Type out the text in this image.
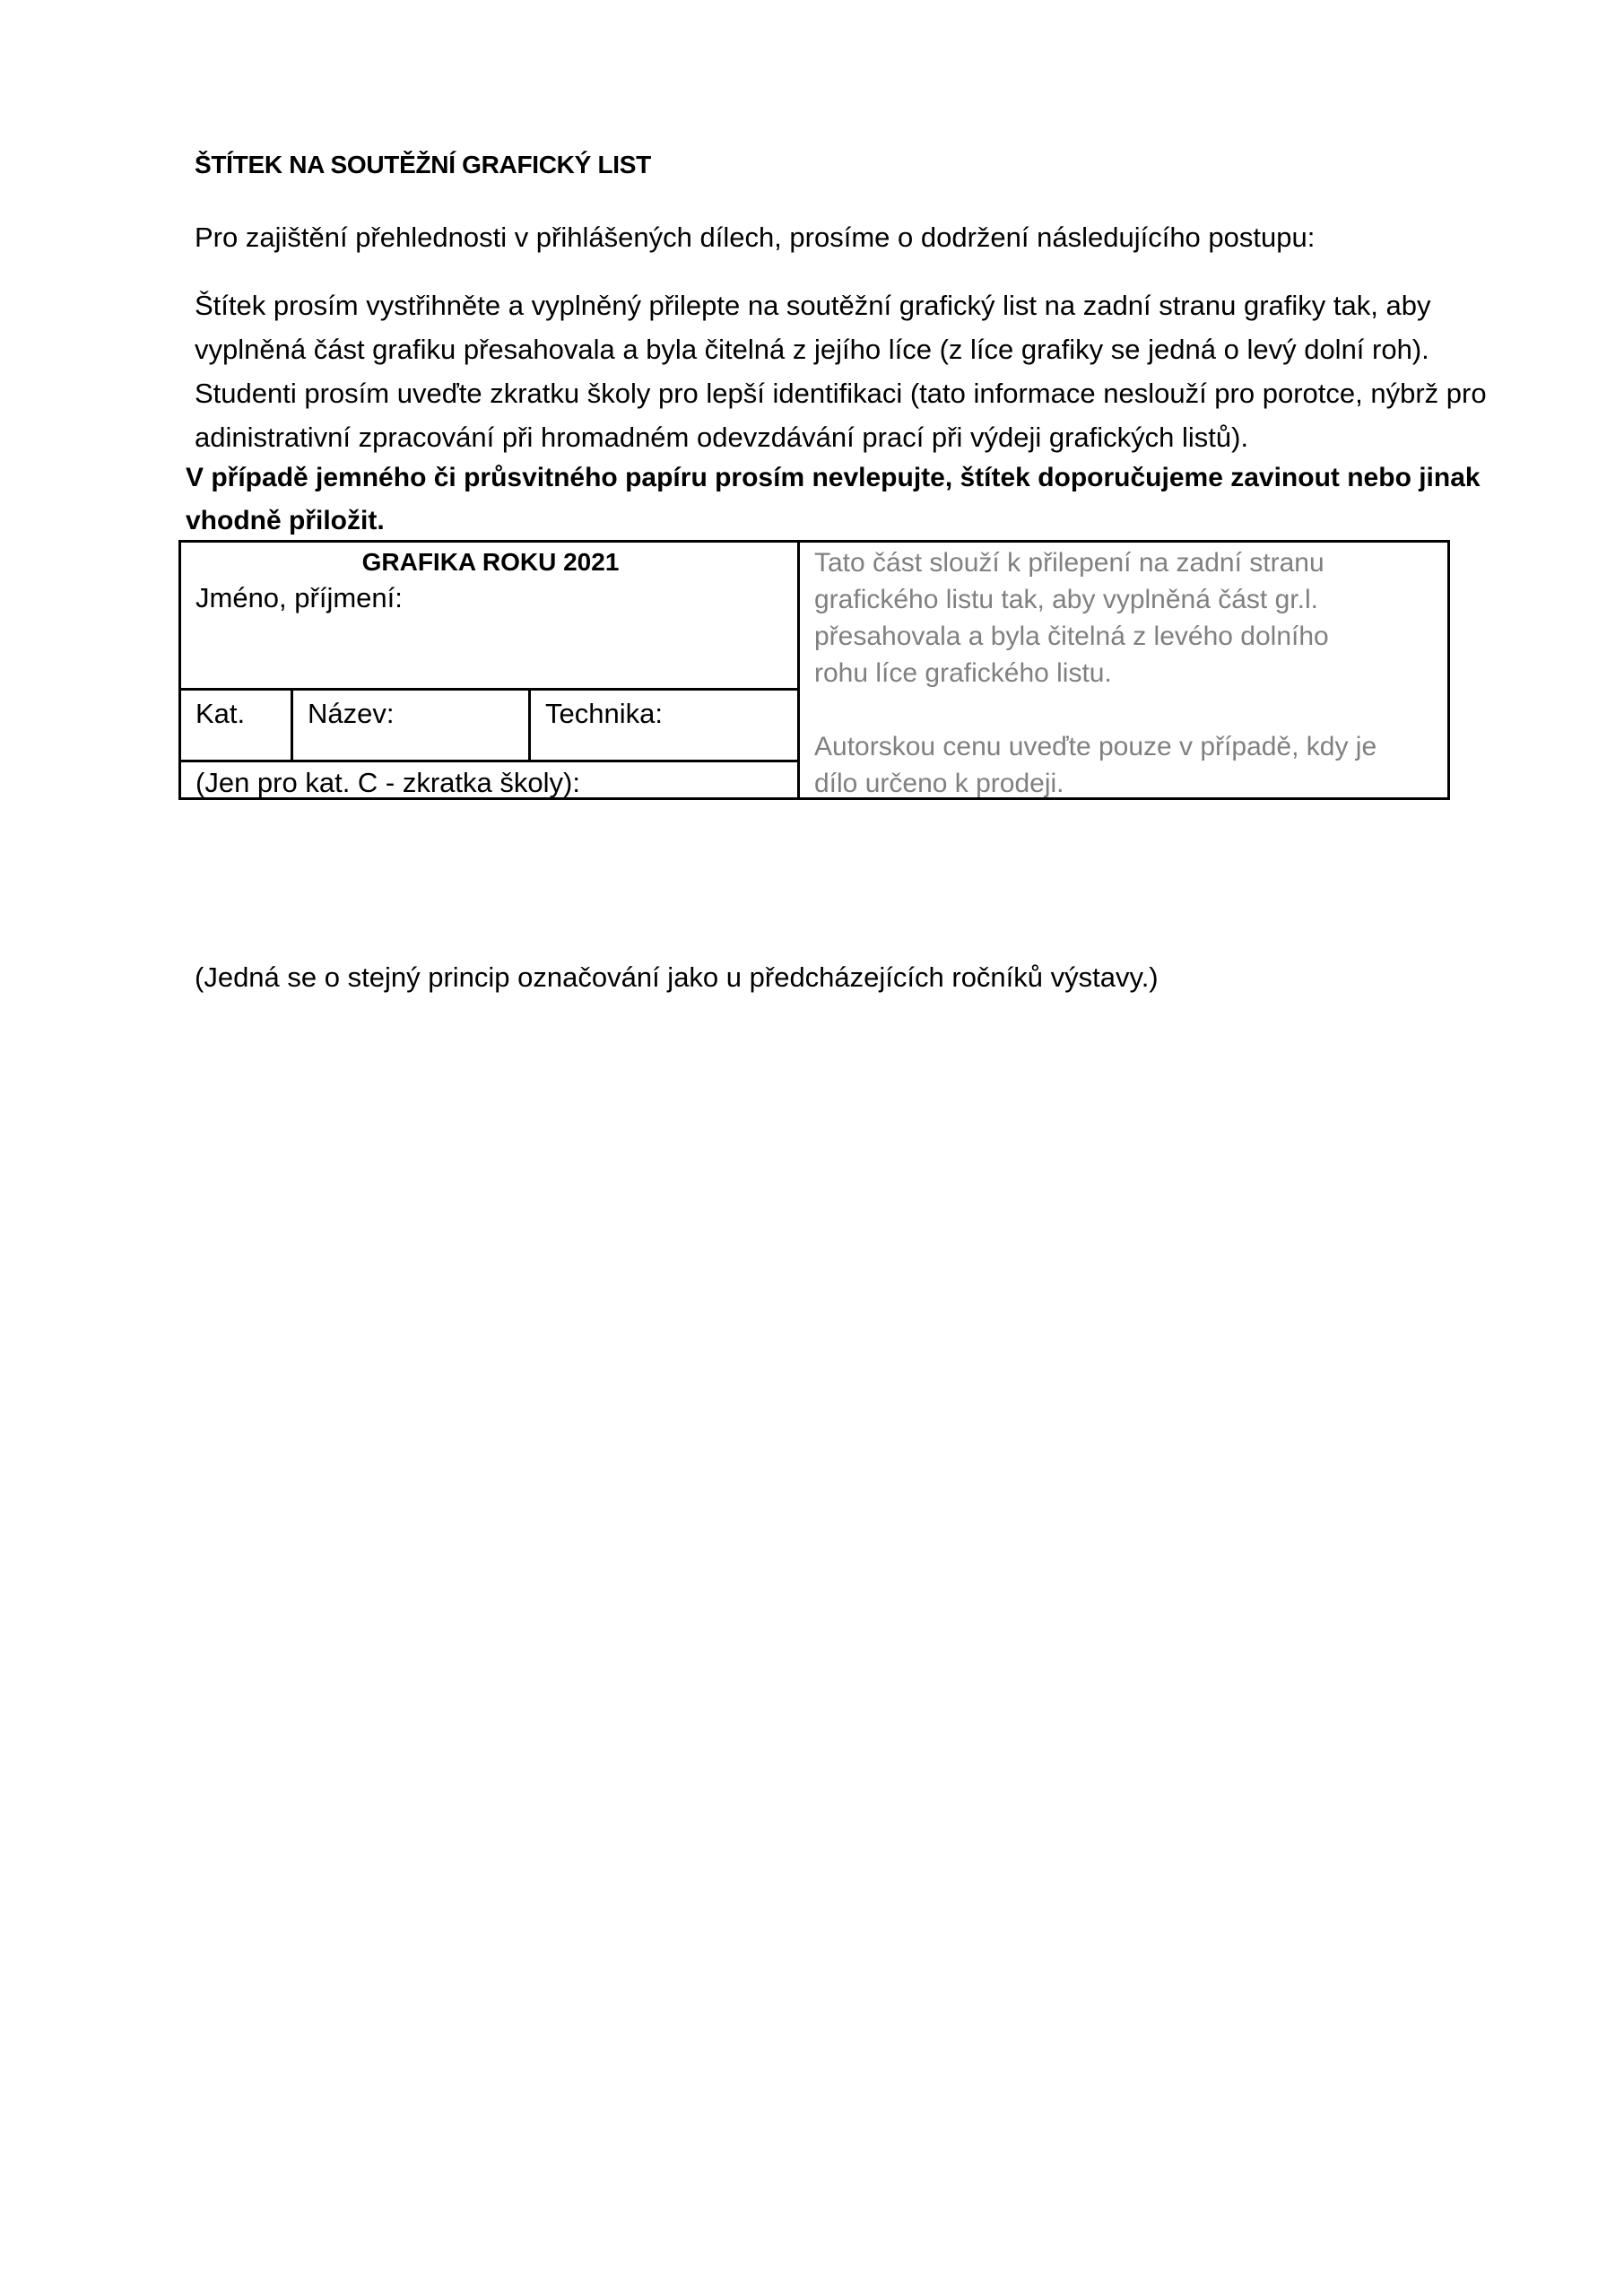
ŠTÍTEK NA SOUTĚŽNÍ GRAFICKÝ LIST
Pro zajištění přehlednosti v přihlášených dílech, prosíme o dodržení následujícího postupu:
Štítek prosím vystřihněte a vyplněný přilepte na soutěžní grafický list na zadní stranu grafiky tak, aby
vyplněná část grafiku přesahovala a byla čitelná z jejího líce (z líce grafiky se jedná o levý dolní roh).
Studenti prosím uveďte zkratku školy pro lepší identifikaci (tato informace neslouží pro porotce, nýbrž pro
adinistrativní zpracování při hromadném odevzdávání prací při výdeji grafických listů).
V případě jemného či průsvitného papíru prosím nevlepujte, štítek doporučujeme zavinout nebo jinak
vhodně přiložit.
GRAFIKA ROKU 2021
Jméno, příjmení:
Kat.	Název:	Technika:
(Jen pro kat. C - zkratka školy):
Tato část slouží k přilepení na zadní stranu
grafického listu tak, aby vyplněná část gr.l.
přesahovala a byla čitelná z levého dolního
rohu líce grafického listu.
Autorskou cenu uveďte pouze v případě, kdy je
dílo určeno k prodeji.
(Jedná se o stejný princip označování jako u předcházejících ročníků výstavy.)
